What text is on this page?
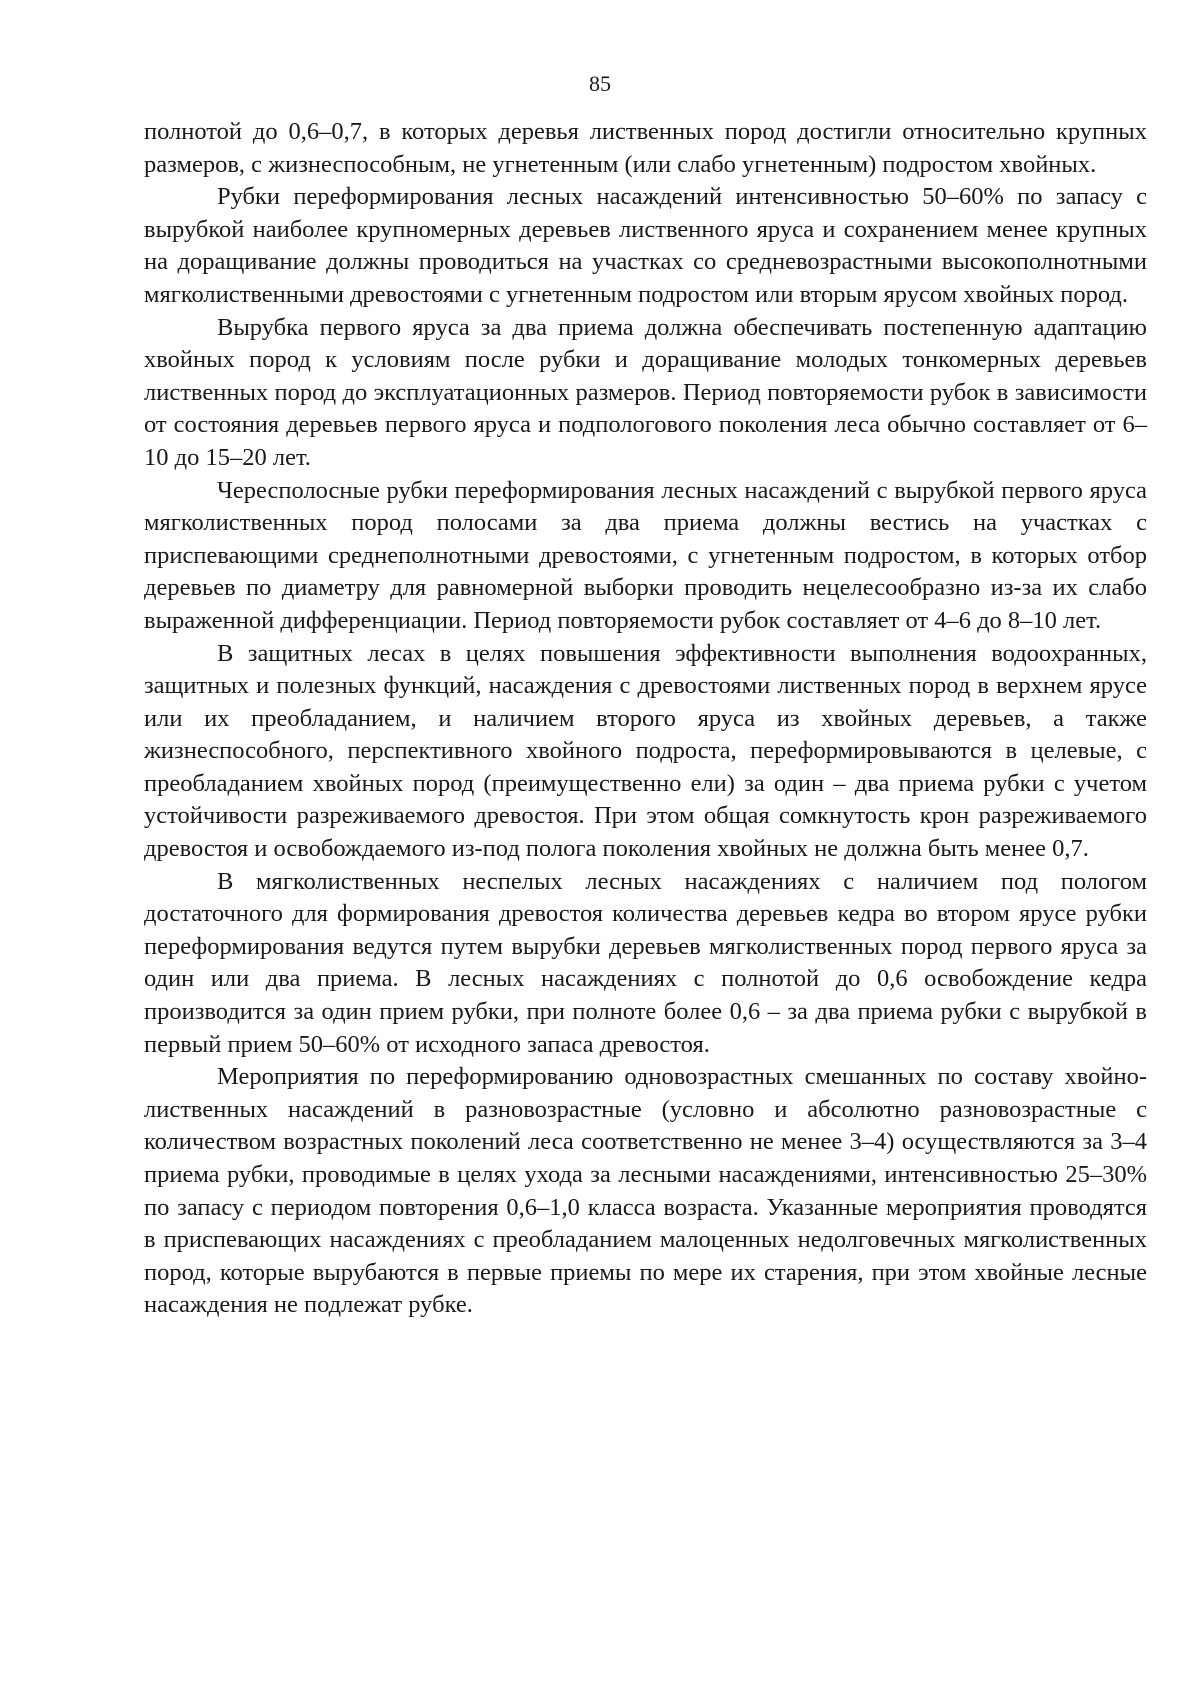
85

полнотой до 0,6–0,7, в которых деревья лиственных пород достигли относительно крупных размеров, с жизнеспособным, не угнетенным (или слабо угнетенным) подростом хвойных.

Рубки переформирования лесных насаждений интенсивностью 50–60% по запасу с вырубкой наиболее крупномерных деревьев лиственного яруса и сохранением менее крупных на доращивание должны проводиться на участках со средневозрастными высокополнотными мягколиственными древостоями с угнетенным подростом или вторым ярусом хвойных пород.

Вырубка первого яруса за два приема должна обеспечивать постепенную адаптацию хвойных пород к условиям после рубки и доращивание молодых тонкомерных деревьев лиственных пород до эксплуатационных размеров. Период повторяемости рубок в зависимости от состояния деревьев первого яруса и подпологового поколения леса обычно составляет от 6–10 до 15–20 лет.

Чересполосные рубки переформирования лесных насаждений с вырубкой первого яруса мягколиственных пород полосами за два приема должны вестись на участках с приспевающими среднеполнотными древостоями, с угнетенным подростом, в которых отбор деревьев по диаметру для равномерной выборки проводить нецелесообразно из-за их слабо выраженной дифференциации. Период повторяемости рубок составляет от 4–6 до 8–10 лет.

В защитных лесах в целях повышения эффективности выполнения водоохранных, защитных и полезных функций, насаждения с древостоями лиственных пород в верхнем ярусе или их преобладанием, и наличием второго яруса из хвойных деревьев, а также жизнеспособного, перспективного хвойного подроста, переформировываются в целевые, с преобладанием хвойных пород (преимущественно ели) за один – два приема рубки с учетом устойчивости разреживаемого древостоя. При этом общая сомкнутость крон разреживаемого древостоя и освобождаемого из-под полога поколения хвойных не должна быть менее 0,7.

В мягколиственных неспелых лесных насаждениях с наличием под пологом достаточного для формирования древостоя количества деревьев кедра во втором ярусе рубки переформирования ведутся путем вырубки деревьев мягколиственных пород первого яруса за один или два приема. В лесных насаждениях с полнотой до 0,6 освобождение кедра производится за один прием рубки, при полноте более 0,6 – за два приема рубки с вырубкой в первый прием 50–60% от исходного запаса древостоя.

Мероприятия по переформированию одновозрастных смешанных по составу хвойно-лиственных насаждений в разновозрастные (условно и абсолютно разновозрастные с количеством возрастных поколений леса соответственно не менее 3–4) осуществляются за 3–4 приема рубки, проводимые в целях ухода за лесными насаждениями, интенсивностью 25–30% по запасу с периодом повторения 0,6–1,0 класса возраста. Указанные мероприятия проводятся в приспевающих насаждениях с преобладанием малоценных недолговечных мягколиственных пород, которые вырубаются в первые приемы по мере их старения, при этом хвойные лесные насаждения не подлежат рубке.
